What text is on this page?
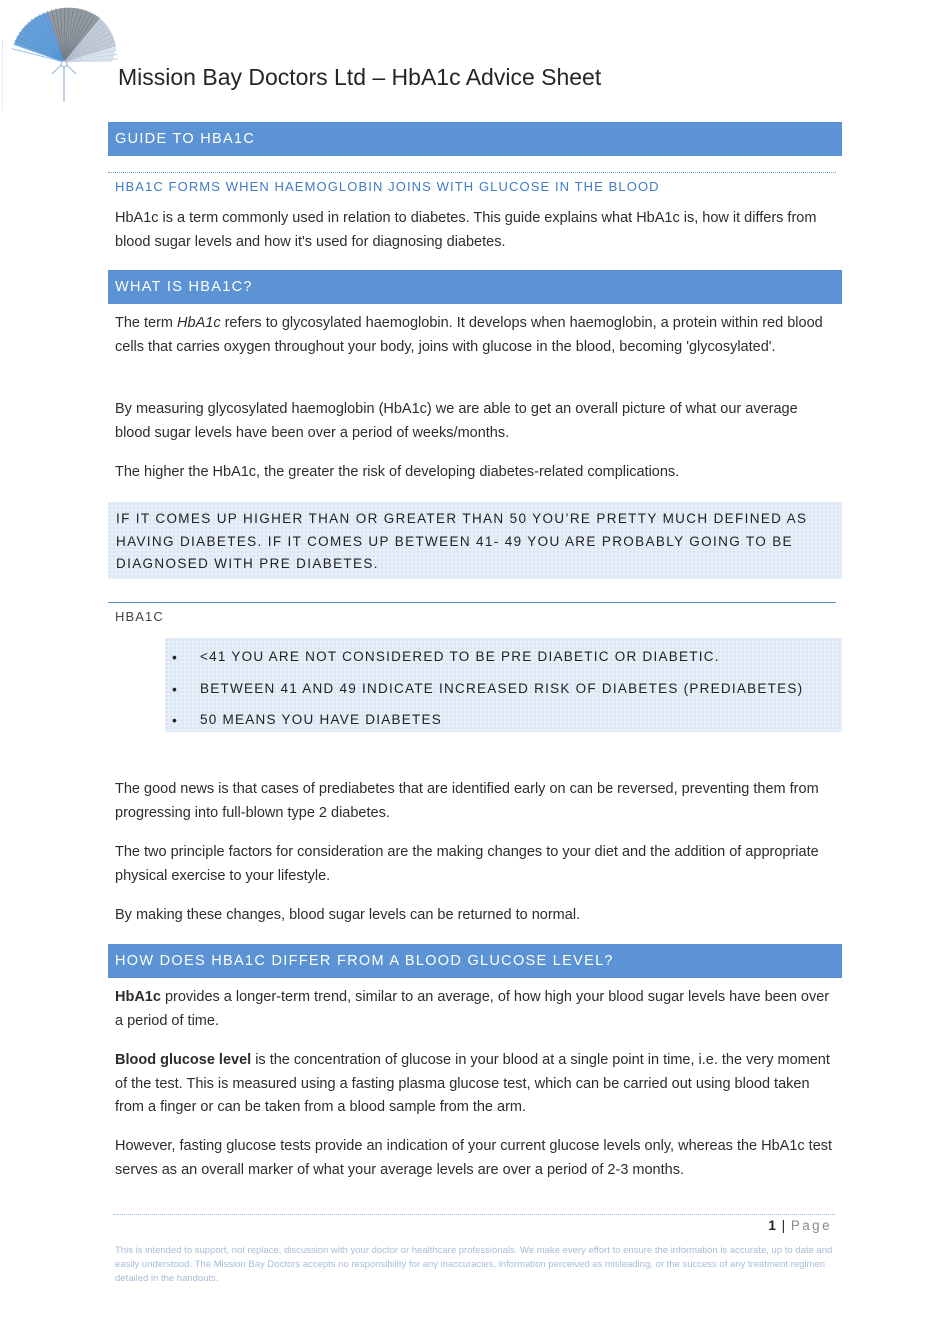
Mission Bay Doctors Ltd – HbA1c Advice Sheet
GUIDE TO HBA1C
HBA1C FORMS WHEN HAEMOGLOBIN JOINS WITH GLUCOSE IN THE BLOOD

HbA1c is a term commonly used in relation to diabetes. This guide explains what HbA1c is, how it differs from blood sugar levels and how it's used for diagnosing diabetes.

WHAT IS HBA1C?

The term HbA1c refers to glycosylated haemoglobin. It develops when haemoglobin, a protein within red blood cells that carries oxygen throughout your body, joins with glucose in the blood, becoming 'glycosylated'.

By measuring glycosylated haemoglobin (HbA1c) we are able to get an overall picture of what our average blood sugar levels have been over a period of weeks/months.

The higher the HbA1c, the greater the risk of developing diabetes-related complications.

IF IT COMES UP HIGHER THAN OR GREATER THAN 50 YOU’RE PRETTY MUCH DEFINED AS HAVING DIABETES. IF IT COMES UP BETWEEN 41- 49 YOU ARE PROBABLY GOING TO BE DIAGNOSED WITH PRE DIABETES.
HBA1C
• <41 YOU ARE NOT CONSIDERED TO BE PRE DIABETIC OR DIABETIC.
• BETWEEN 41 AND 49 INDICATE INCREASED RISK OF DIABETES (PREDIABETES)
• 50 MEANS YOU HAVE DIABETES

The good news is that cases of prediabetes that are identified early on can be reversed, preventing them from progressing into full-blown type 2 diabetes.

The two principle factors for consideration are the making changes to your diet and the addition of appropriate physical exercise to your lifestyle.

By making these changes, blood sugar levels can be returned to normal.

HOW DOES HBA1C DIFFER FROM A BLOOD GLUCOSE LEVEL?

HbA1c provides a longer-term trend, similar to an average, of how high your blood sugar levels have been over a period of time.

Blood glucose level is the concentration of glucose in your blood at a single point in time, i.e. the very moment of the test. This is measured using a fasting plasma glucose test, which can be carried out using blood taken from a finger or can be taken from a blood sample from the arm.

However, fasting glucose tests provide an indication of your current glucose levels only, whereas the HbA1c test serves as an overall marker of what your average levels are over a period of 2-3 months.

1 | Page

This is intended to support, not replace, discussion with your doctor or healthcare professionals. We make every effort to ensure the information is accurate, up to date and easily understood. The Mission Bay Doctors accepts no responsibility for any inaccuracies, information perceived as misleading, or the success of any treatment regimen detailed in the handouts.
